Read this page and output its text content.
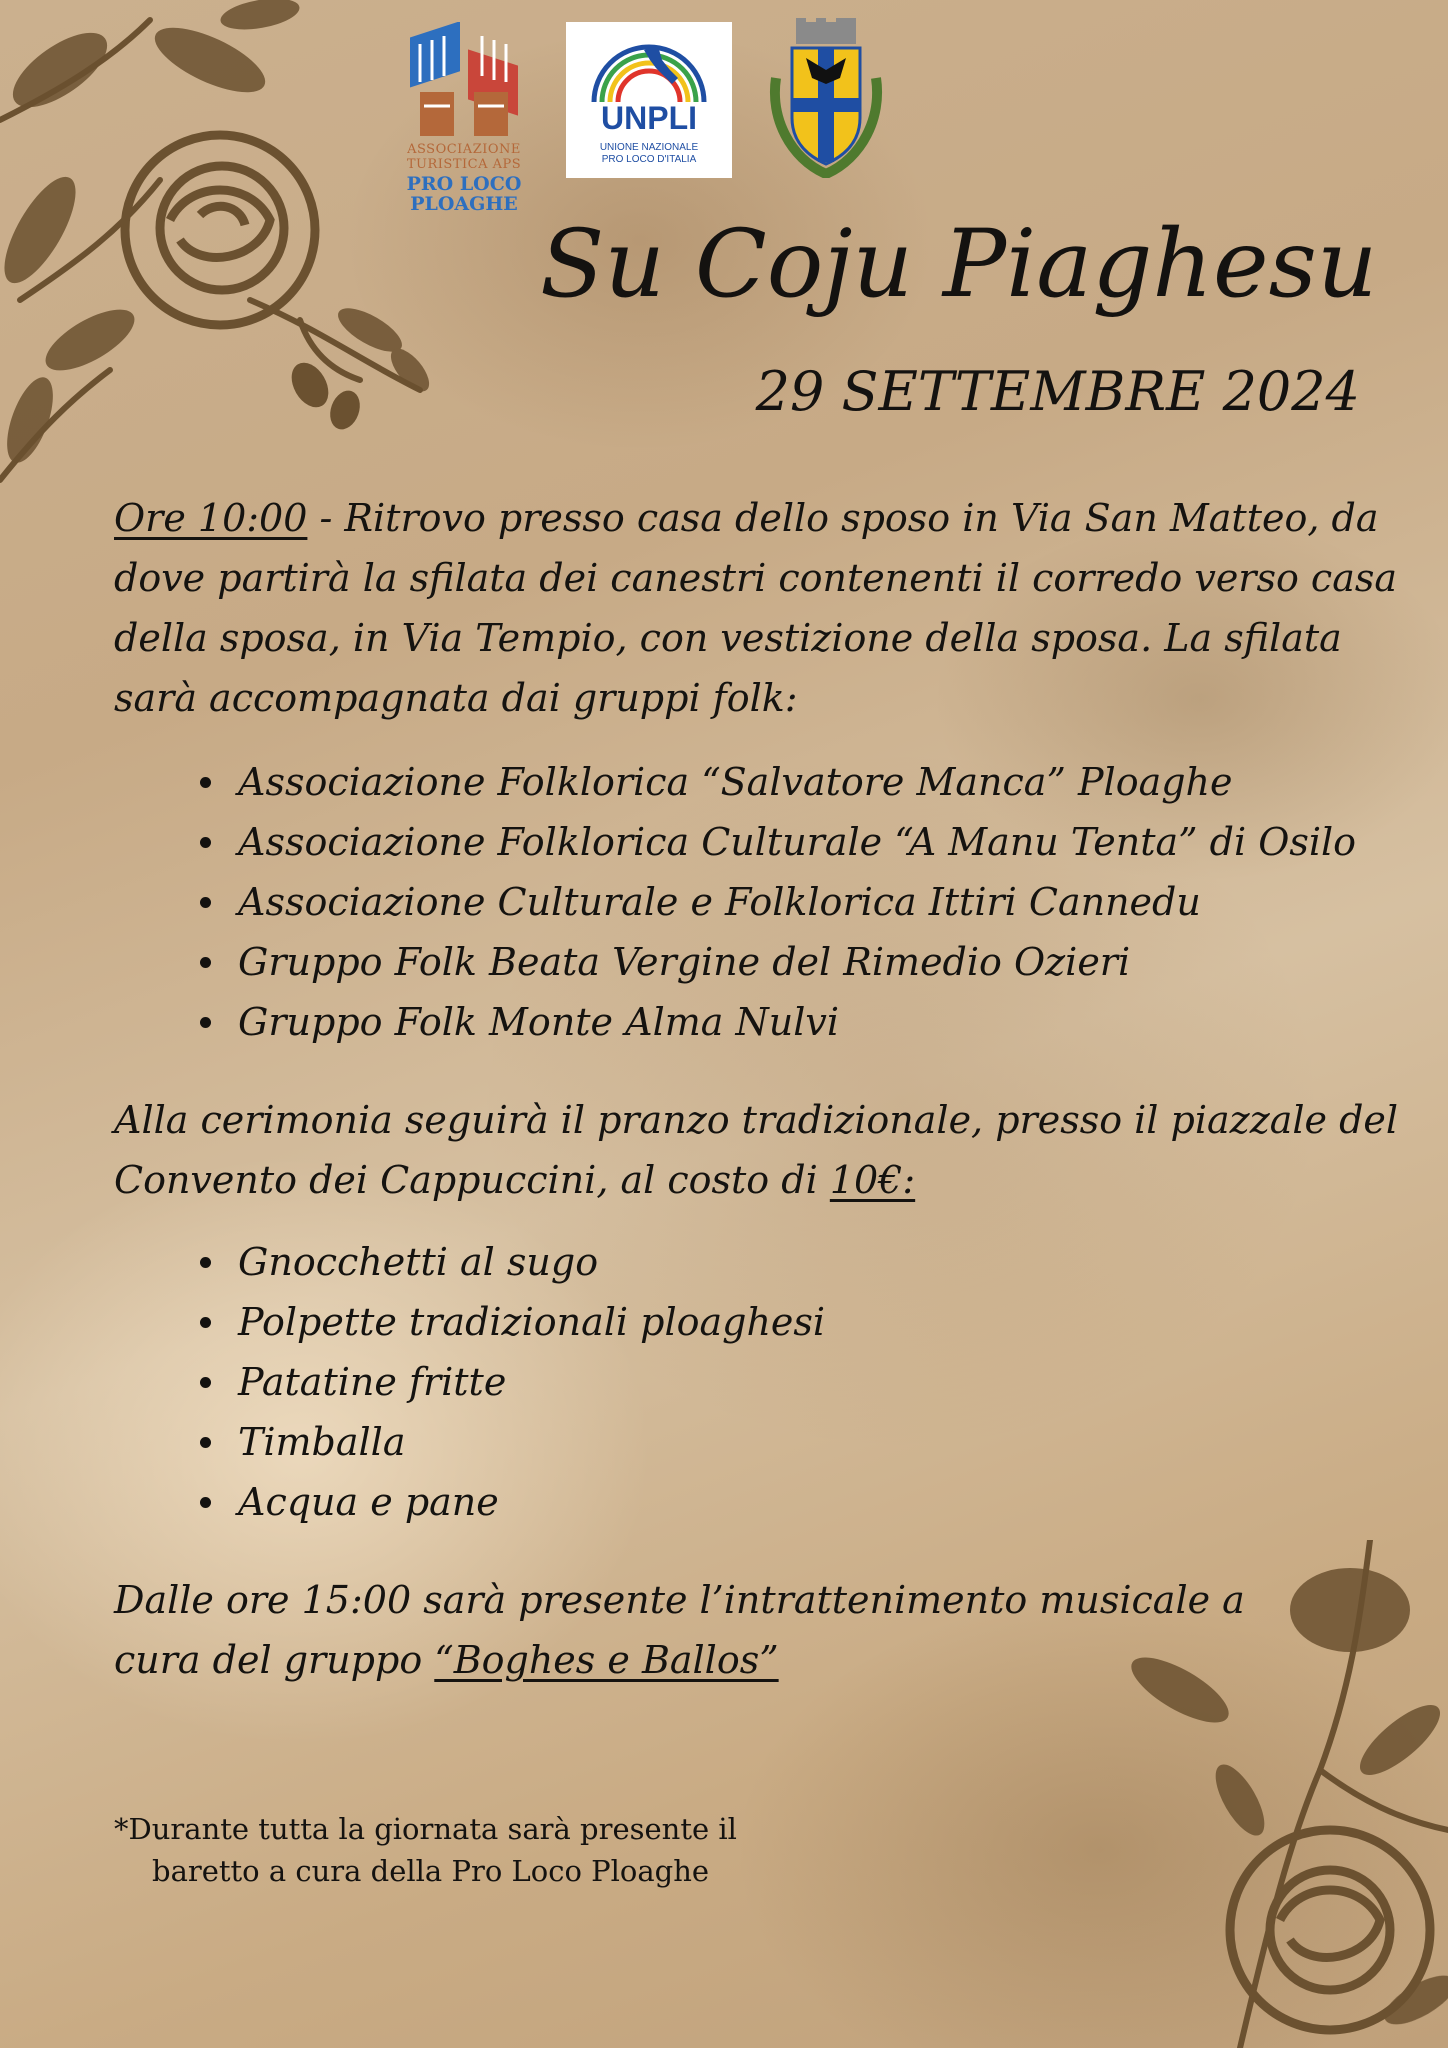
ASSOCIAZIONE
TURISTICA APS
PRO LOCO
PLOAGHE
UNPLI
UNIONE NAZIONALE
PRO LOCO D'ITALIA
Su Coju Piaghesu
29 SETTEMBRE 2024

Ore 10:00 - Ritrovo presso casa dello sposo in Via San Matteo, da dove partirà la sfilata dei canestri contenenti il corredo verso casa della sposa, in Via Tempio, con vestizione della sposa. La sfilata sarà accompagnata dai gruppi folk:

Associazione Folklorica “Salvatore Manca” Ploaghe
Associazione Folklorica Culturale “A Manu Tenta” di Osilo
Associazione Culturale e Folklorica Ittiri Cannedu
Gruppo Folk Beata Vergine del Rimedio Ozieri
Gruppo Folk Monte Alma Nulvi

Alla cerimonia seguirà il pranzo tradizionale, presso il piazzale del Convento dei Cappuccini, al costo di 10€:

Gnocchetti al sugo
Polpette tradizionali ploaghesi
Patatine fritte
Timballa
Acqua e pane

Dalle ore 15:00 sarà presente l’intrattenimento musicale a cura del gruppo “Boghes e Ballos”

*Durante tutta la giornata sarà presente il
baretto a cura della Pro Loco Ploaghe
